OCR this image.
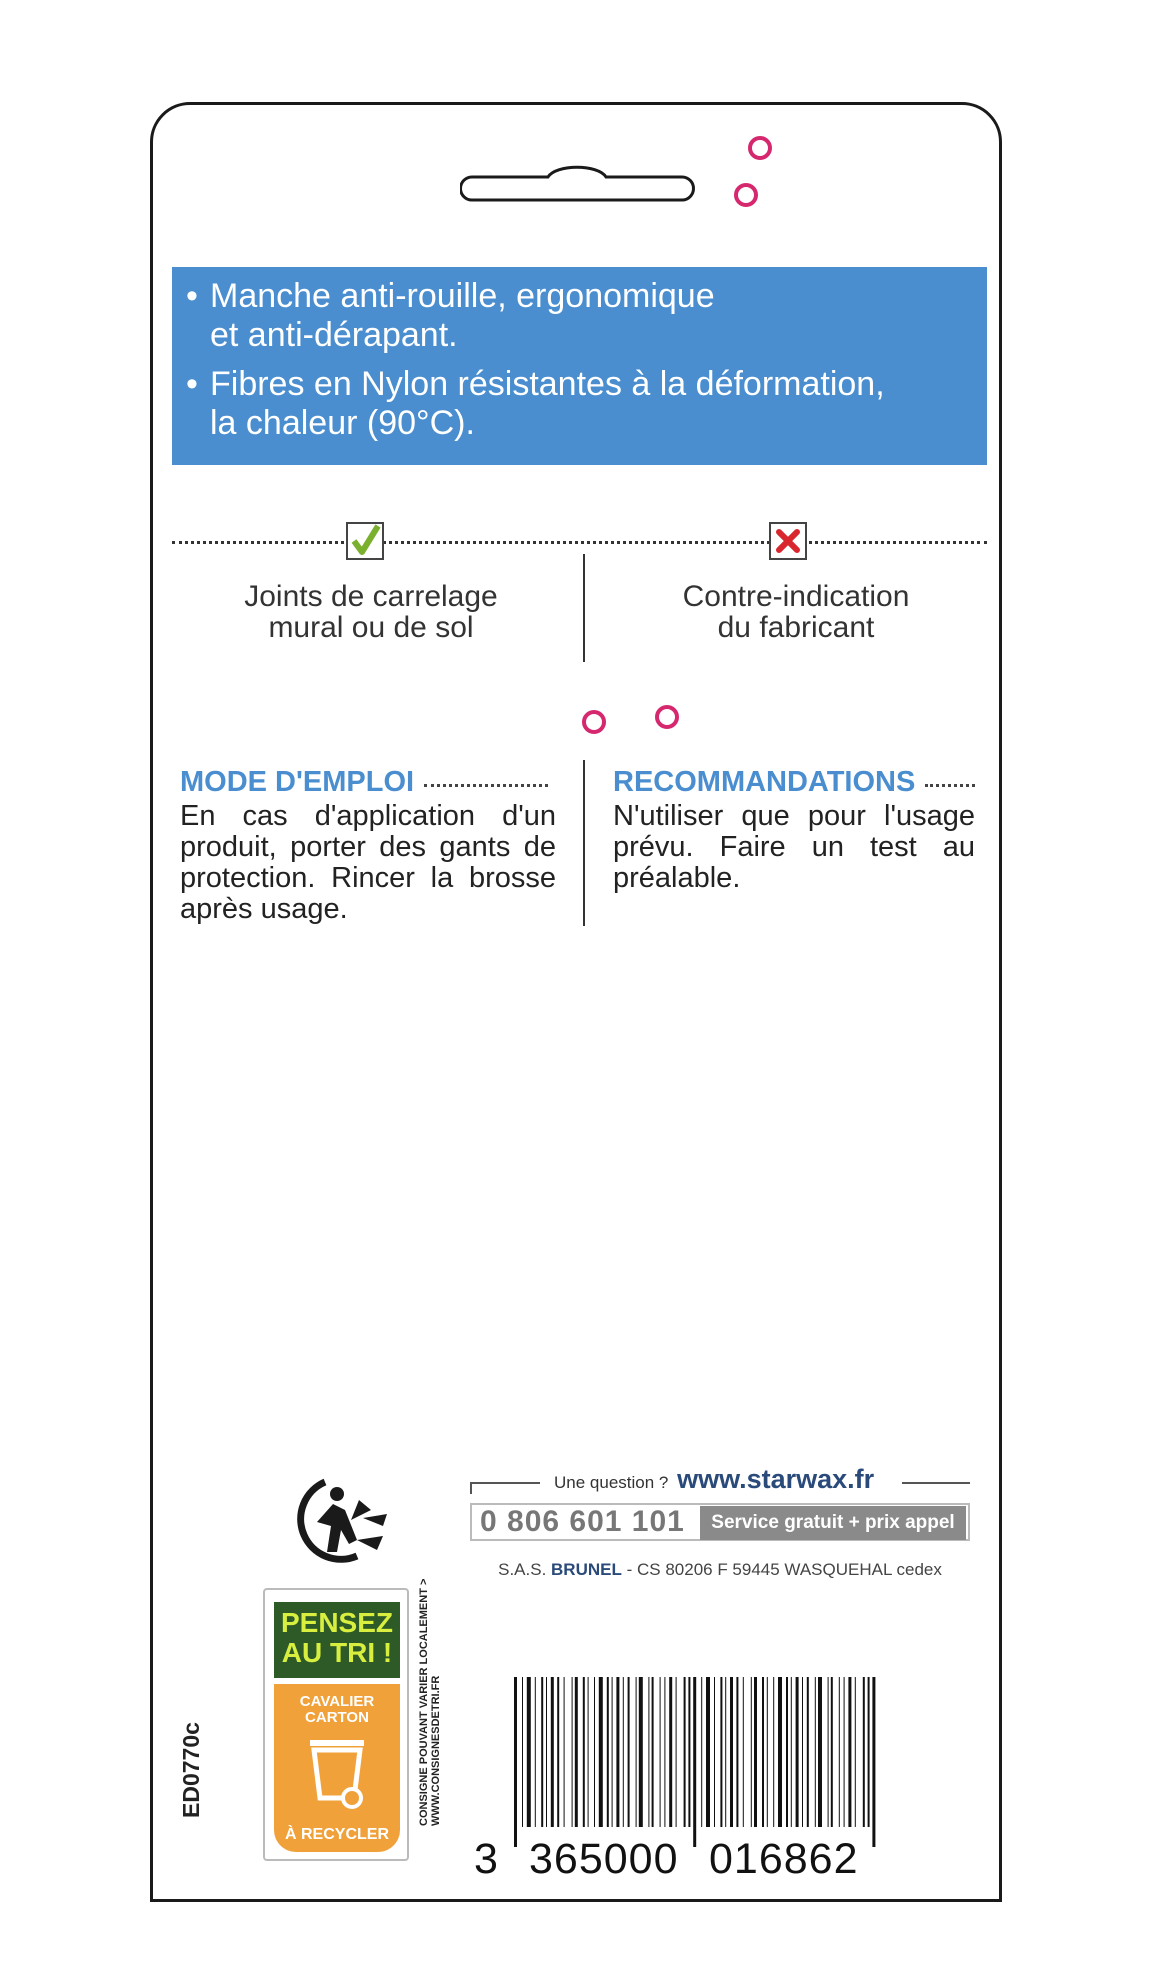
• Manche anti-rouille, ergonomique
et anti-dérapant.
• Fibres en Nylon résistantes à la déformation,
la chaleur (90°C).
Joints de carrelage
mural ou de sol
Contre-indication
du fabricant
MODE D'EMPLOI
En cas d'application d'un produit, porter des gants de protection. Rincer la brosse après usage.
RECOMMANDATIONS
N'utiliser que pour l'usage prévu. Faire un test au préalable.
Une question ? www.starwax.fr
0 806 601 101	Service gratuit + prix appel
S.A.S. BRUNEL - CS 80206 F 59445 WASQUEHAL cedex
PENSEZ
AU TRI !
CAVALIER
CARTON
À RECYCLER
CONSIGNE POUVANT VARIER LOCALEMENT > WWW.CONSIGNESDETRI.FR
ED0770c
3 365000 016862
